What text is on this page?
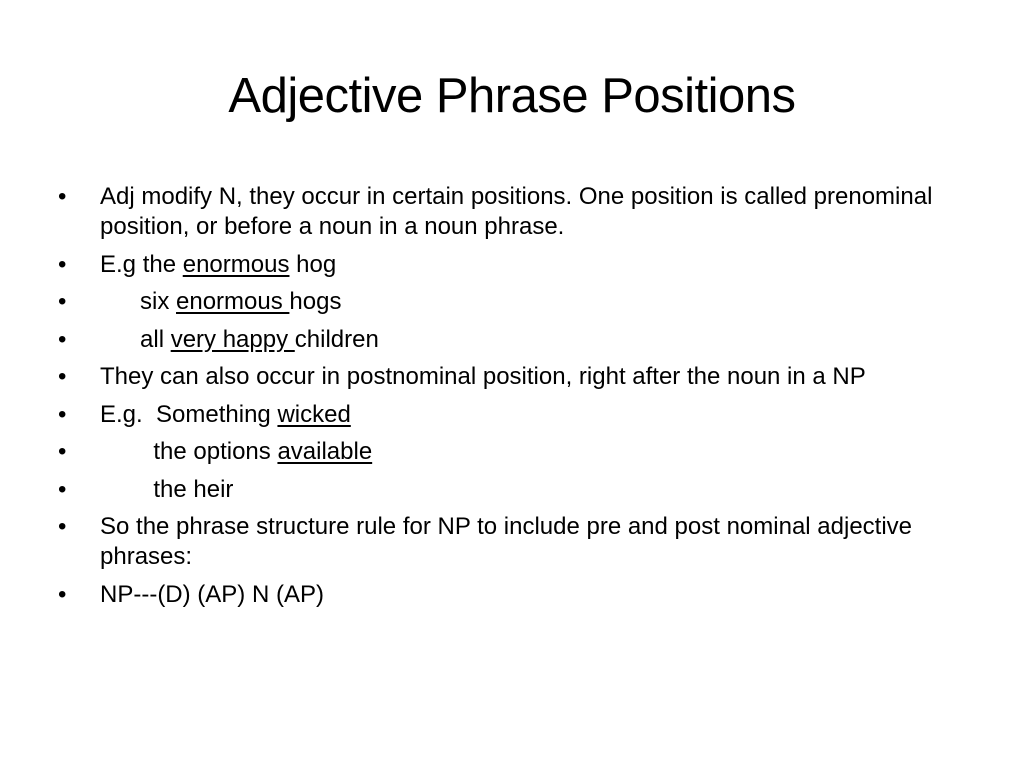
Adjective Phrase Positions
•	Adj modify N, they occur in certain positions. One position is called prenominal position, or before a noun in a noun phrase.
•	E.g the enormous hog
•	six enormous hogs
•	all very happy children
•	They can also occur in postnominal position, right after the noun in a NP
•	E.g.  Something wicked
•	the options available
•	the heir
•	So the phrase structure rule for NP to include pre and post nominal adjective phrases:
•	NP---(D) (AP) N (AP)
